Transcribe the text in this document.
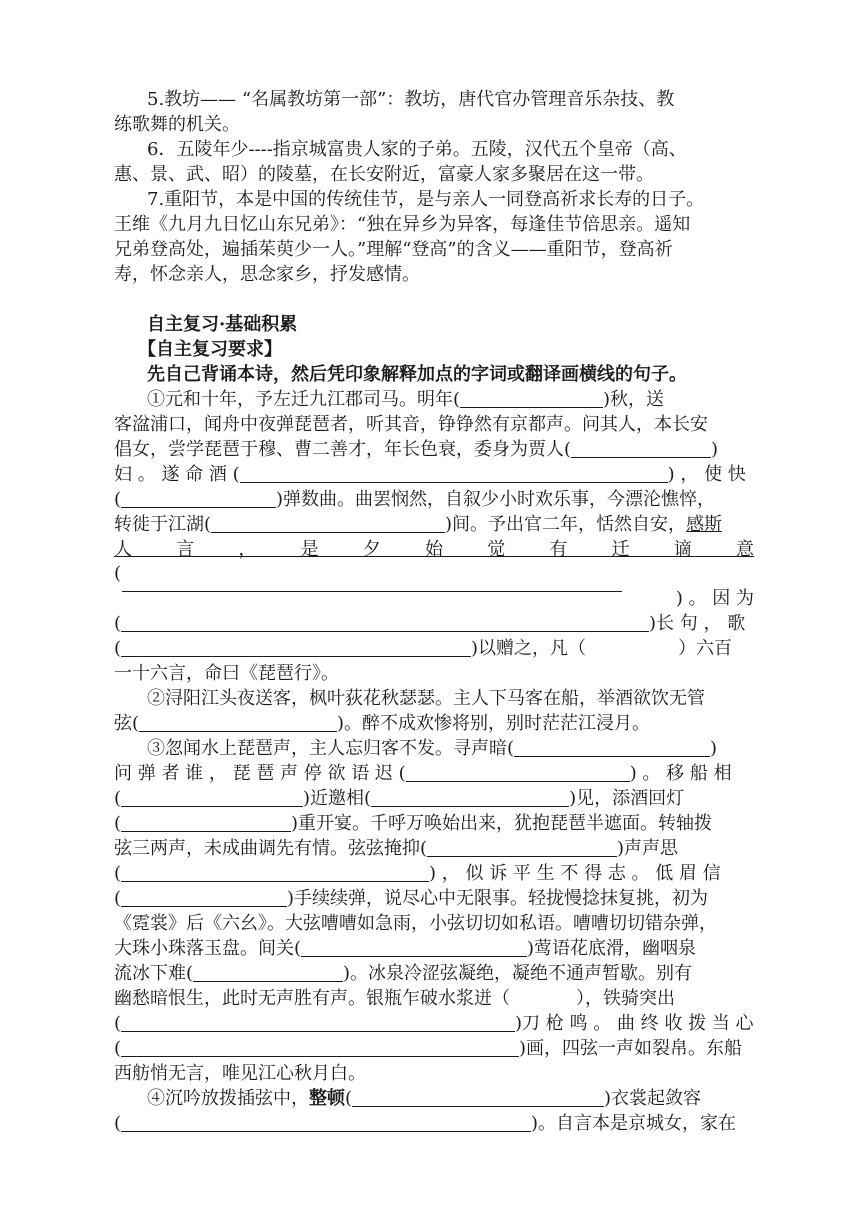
5.教坊—— “名属教坊第一部”：教坊，唐代官办管理音乐杂技、教
练歌舞的机关。
6．五陵年少----指京城富贵人家的子弟。五陵，汉代五个皇帝（高、
惠、景、武、昭）的陵墓，在长安附近，富豪人家多聚居在这一带。
7.重阳节，本是中国的传统佳节，是与亲人一同登高祈求长寿的日子。
王维《九月九日忆山东兄弟》：“独在异乡为异客，每逢佳节倍思亲。遥知
兄弟登高处，遍插茱萸少一人。”理解“登高”的含义——重阳节，登高祈
寿，怀念亲人，思念家乡，抒发感情。
自主复习·基础积累
【自主复习要求】
先自己背诵本诗，然后凭印象解释加点的字词或翻译画横线的句子。
①元和十年，予左迁九江郡司马。明年(	)秋，送
客湓浦口，闻舟中夜弹琵琶者，听其音，铮铮然有京都声。问其人，本长安
倡女，尝学琵琶于穆、曹二善才，年长色衰，委身为贾人(	)
妇 。 遂 命 酒 (	) ， 使 快
(	)弹数曲。曲罢悯然，自叙少小时欢乐事，今漂沦憔悴，
转徙于江湖(	)间。予出官二年，恬然自安，感斯
人 言 ， 是 夕 始 觉 有 迁 谪 意
(
) 。 因 为
(	)长 句 ， 歌
(	)以赠之，凡（	）六百
一十六言，命曰《琵琶行》。
②浔阳江头夜送客，枫叶荻花秋瑟瑟。主人下马客在船，举酒欲饮无管
弦(	)。醉不成欢惨将别，别时茫茫江浸月。
③忽闻水上琵琶声，主人忘归客不发。寻声暗(	)
问 弹 者 谁 ， 琵 琶 声 停 欲 语 迟 (	) 。 移 船 相
(	)近邀相(	)见，添酒回灯
(	)重开宴。千呼万唤始出来，犹抱琵琶半遮面。转轴拨
弦三两声，未成曲调先有情。弦弦掩抑(	)声声思
(	) ， 似 诉 平 生 不 得 志 。 低 眉 信
(	)手续续弹，说尽心中无限事。轻拢慢捻抹复挑，初为
《霓裳》后《六幺》。大弦嘈嘈如急雨，小弦切切如私语。嘈嘈切切错杂弹，
大珠小珠落玉盘。间关(	)莺语花底滑，幽咽泉
流冰下难(	)。冰泉冷涩弦凝绝，凝绝不通声暂歇。别有
幽愁暗恨生，此时无声胜有声。银瓶乍破水浆迸（	），铁骑突出
(	)刀 枪 鸣 。 曲 终 收 拨 当 心
(	)画，四弦一声如裂帛。东船
西舫悄无言，唯见江心秋月白。
④沉吟放拨插弦中，整顿(	)衣裳起敛容
(	)。自言本是京城女，家在
